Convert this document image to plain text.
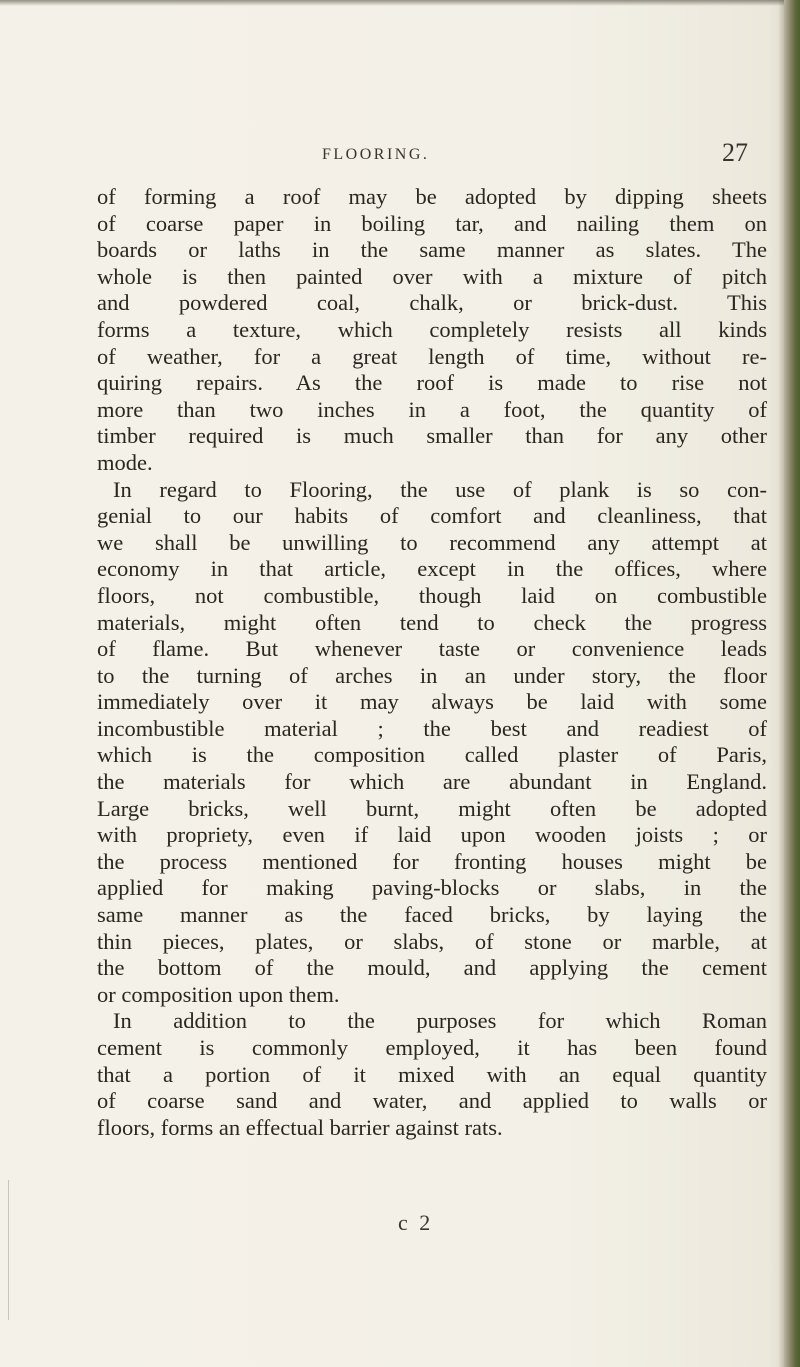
FLOORING.	27
of forming a roof may be adopted by dipping sheets
of coarse paper in boiling tar, and nailing them on
boards or laths in the same manner as slates. The
whole is then painted over with a mixture of pitch
and powdered coal, chalk, or brick-dust. This
forms a texture, which completely resists all kinds
of weather, for a great length of time, without re-
quiring repairs. As the roof is made to rise not
more than two inches in a foot, the quantity of
timber required is much smaller than for any other
mode.
In regard to Flooring, the use of plank is so con-
genial to our habits of comfort and cleanliness, that
we shall be unwilling to recommend any attempt at
economy in that article, except in the offices, where
floors, not combustible, though laid on combustible
materials, might often tend to check the progress
of flame. But whenever taste or convenience leads
to the turning of arches in an under story, the floor
immediately over it may always be laid with some
incombustible material ; the best and readiest of
which is the composition called plaster of Paris,
the materials for which are abundant in England.
Large bricks, well burnt, might often be adopted
with propriety, even if laid upon wooden joists ; or
the process mentioned for fronting houses might be
applied for making paving-blocks or slabs, in the
same manner as the faced bricks, by laying the
thin pieces, plates, or slabs, of stone or marble, at
the bottom of the mould, and applying the cement
or composition upon them.
In addition to the purposes for which Roman
cement is commonly employed, it has been found
that a portion of it mixed with an equal quantity
of coarse sand and water, and applied to walls or
floors, forms an effectual barrier against rats.
c 2
